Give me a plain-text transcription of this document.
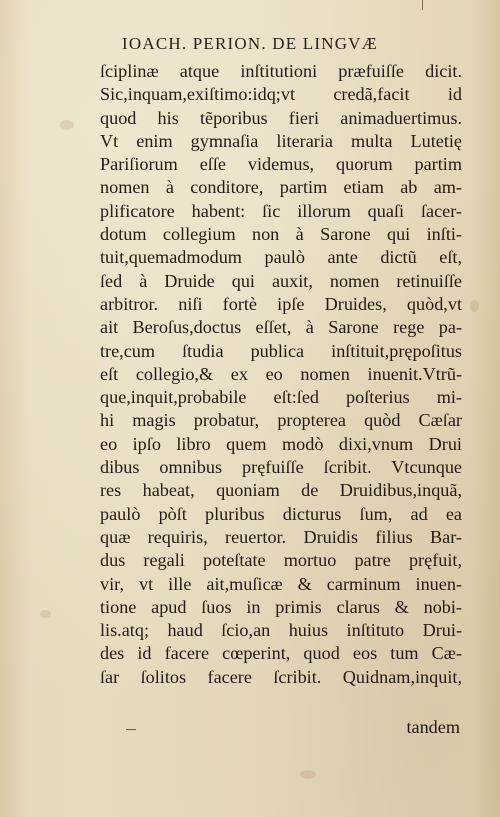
IOACH. PERION. DE LINGVÆ
ſciplinæ atque inſtitutioni præfuiſſe dicit.
Sic,inquam,exiſtimo:idq;vt credã,facit id
quod his tẽporibus fieri animaduertimus.
Vt enim gymnaſia literaria multa Lutetię
Pariſiorum eſſe videmus, quorum partim
nomen à conditore, partim etiam ab am-
plificatore habent: ſic illorum quaſi ſacer-
dotum collegium non à Sarone qui inſti-
tuit,quemadmodum paulò ante dictũ eſt,
ſed à Druide qui auxit, nomen retinuiſſe
arbitror. niſi fortè ipſe Druides, quòd,vt
ait Beroſus,doctus eſſet, à Sarone rege pa-
tre,cum ſtudia publica inſtituit,prępoſitus
eſt collegio,& ex eo nomen inuenit.Vtrũ-
que,inquit,probabile eſt:ſed poſterius mi-
hi magis probatur, propterea quòd Cæſar
eo ipſo libro quem modò dixi,vnum Drui
dibus omnibus pręfuiſſe ſcribit. Vtcunque
res habeat, quoniam de Druidibus,inquã,
paulò pòſt pluribus dicturus ſum, ad ea
quæ requiris, reuertor. Druidis filius Bar-
dus regali poteſtate mortuo patre pręfuit,
vir, vt ille ait,muſicæ & carminum inuen-
tione apud ſuos in primis clarus & nobi-
lis.atq; haud ſcio,an huius inſtituto Drui-
des id facere cœperint, quod eos tum Cæ-
ſar ſolitos facere ſcribit. Quidnam,inquit,
tandem
